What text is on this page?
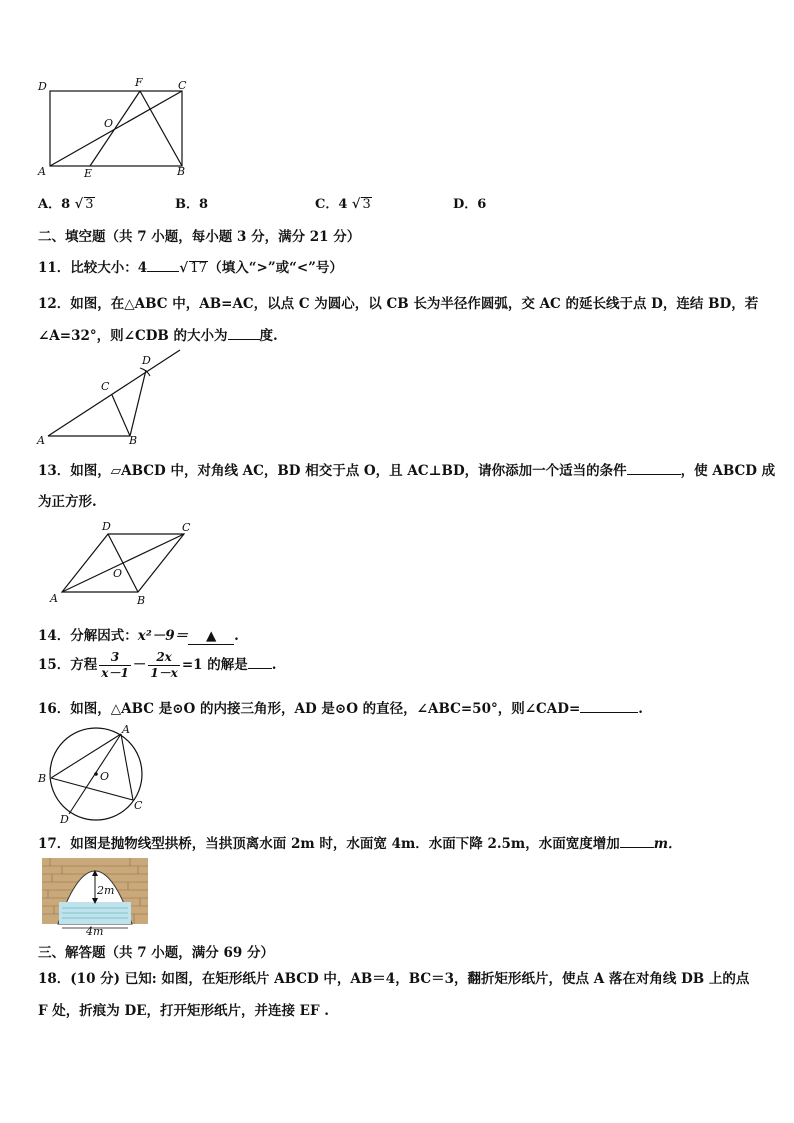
D	F	C
O
A	E	B
A．8 √ 3	B．8	C．4 √ 3	D．6
二、填空题（共 7 小题，每小题 3 分，满分 21 分）
11．比较大小：4 √ 17（填入“>”或“<”号）
12．如图，在△ABC 中，AB=AC，以点 C 为圆心，以 CB 长为半径作圆弧，交 AC 的延长线于点 D，连结 BD，若
∠A=32°，则∠CDB 的大小为 度.
D
C
A	B
13．如图，▱ABCD 中，对角线 AC，BD 相交于点 O，且 AC⊥BD，请你添加一个适当的条件	，使 ABCD 成
为正方形.
D	C
O
A	B
14．分解因式：x²－9＝ ▲ .
15．方程 $\frac{3}{x-1} - \frac{2x}{1-x} =1$ 的解是 .
16．如图，△ABC 是⊙O 的内接三角形，AD 是⊙O 的直径，∠ABC=50°，则∠CAD=	.
A
B	O
C
D
17．如图是抛物线型拱桥，当拱顶离水面 2m 时，水面宽 4m．水面下降 2.5m，水面宽度增加	m．
2m
4m
三、解答题（共 7 小题，满分 69 分）
18．(10 分) 已知: 如图，在矩形纸片 ABCD 中，AB＝4，BC＝3，翻折矩形纸片，使点 A 落在对角线 DB 上的点
F 处，折痕为 DE，打开矩形纸片，并连接 EF .
